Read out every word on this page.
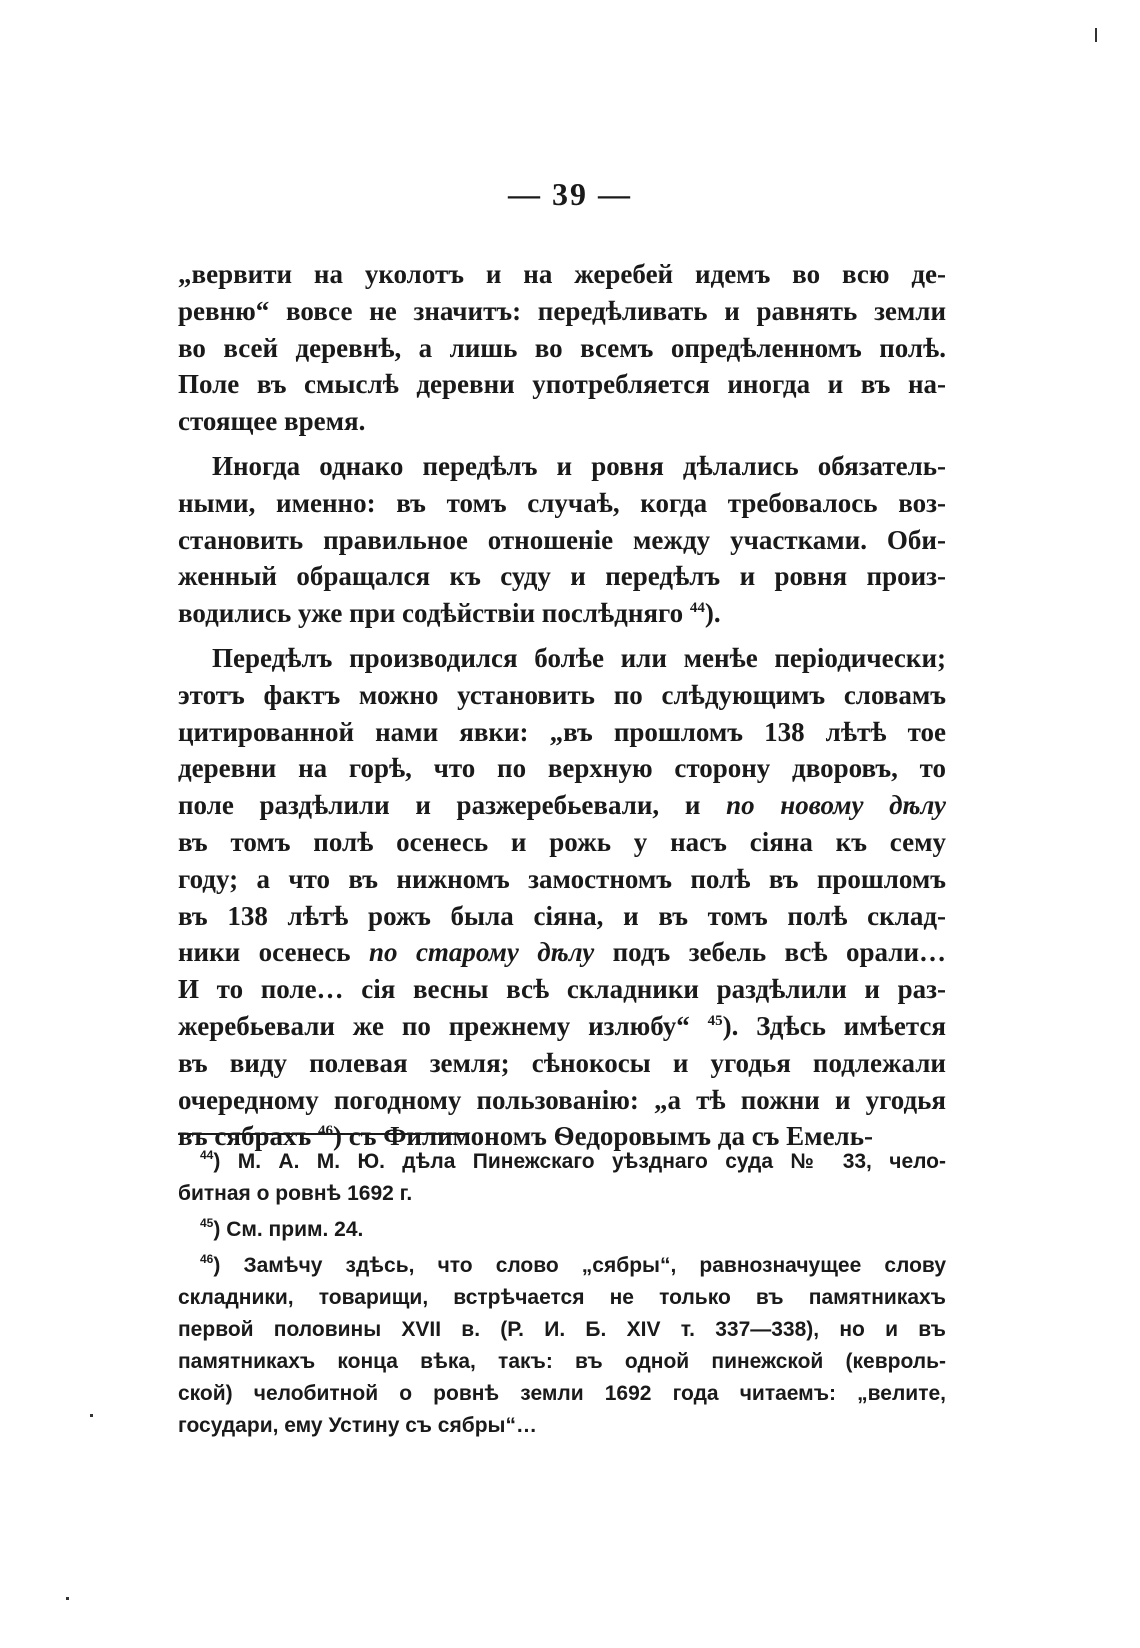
— 39 —
„вервити на уколотъ и на жеребей идемъ во всю де-
ревню“ вовсе не значитъ: передѣливать и равнять земли
во всей деревнѣ, а лишь во всемъ опредѣленномъ полѣ.
Поле въ смыслѣ деревни употребляется иногда и въ на-
стоящее время.
Иногда однако передѣлъ и ровня дѣлались обязатель-
ными, именно: въ томъ случаѣ, когда требовалось воз-
становить правильное отношеніе между участками. Оби-
женный обращался къ суду и передѣлъ и ровня произ-
водились уже при содѣйствіи послѣдняго $^{44}$).
Передѣлъ производился болѣе или менѣе періодически;
этотъ фактъ можно установить по слѣдующимъ словамъ
цитированной нами явки: „въ прошломъ 138 лѣтѣ тое
деревни на горѣ, что по верхную сторону дворовъ, то
поле раздѣлили и разжеребьевали, и по новому дѣлу
въ томъ полѣ осенесь и рожь у насъ сіяна къ сему
году; а что въ нижномъ замостномъ полѣ въ прошломъ
въ 138 лѣтѣ рожъ была сіяна, и въ томъ полѣ склад-
ники осенесь по старому дѣлу подъ зебель всѣ орали…
И то поле… сія весны всѣ складники раздѣлили и раз-
жеребьевали же по прежнему излюбу“ $^{45}$). Здѣсь имѣется
въ виду полевая земля; сѣнокосы и угодья подлежали
очередному погодному пользованію: „а тѣ пожни и угодья
въ сябрахъ $^{46}$) съ Филимономъ Ѳедоровымъ да съ Емель-
$^{44}$) М. А. М. Ю. дѣла Пинежскаго уѣзднаго суда № 33, чело-
битная о ровнѣ 1692 г.
$^{45}$) См. прим. 24.
$^{46}$) Замѣчу здѣсь, что слово „сябры“, равнозначущее слову
складники, товарищи, встрѣчается не только въ памятникахъ
первой половины XVII в. (Р. И. Б. XIV т. 337—338), но и въ
памятникахъ конца вѣка, такъ: въ одной пинежской (кевроль-
ской) челобитной о ровнѣ земли 1692 года читаемъ: „велите,
государи, ему Устину съ сябры“…
